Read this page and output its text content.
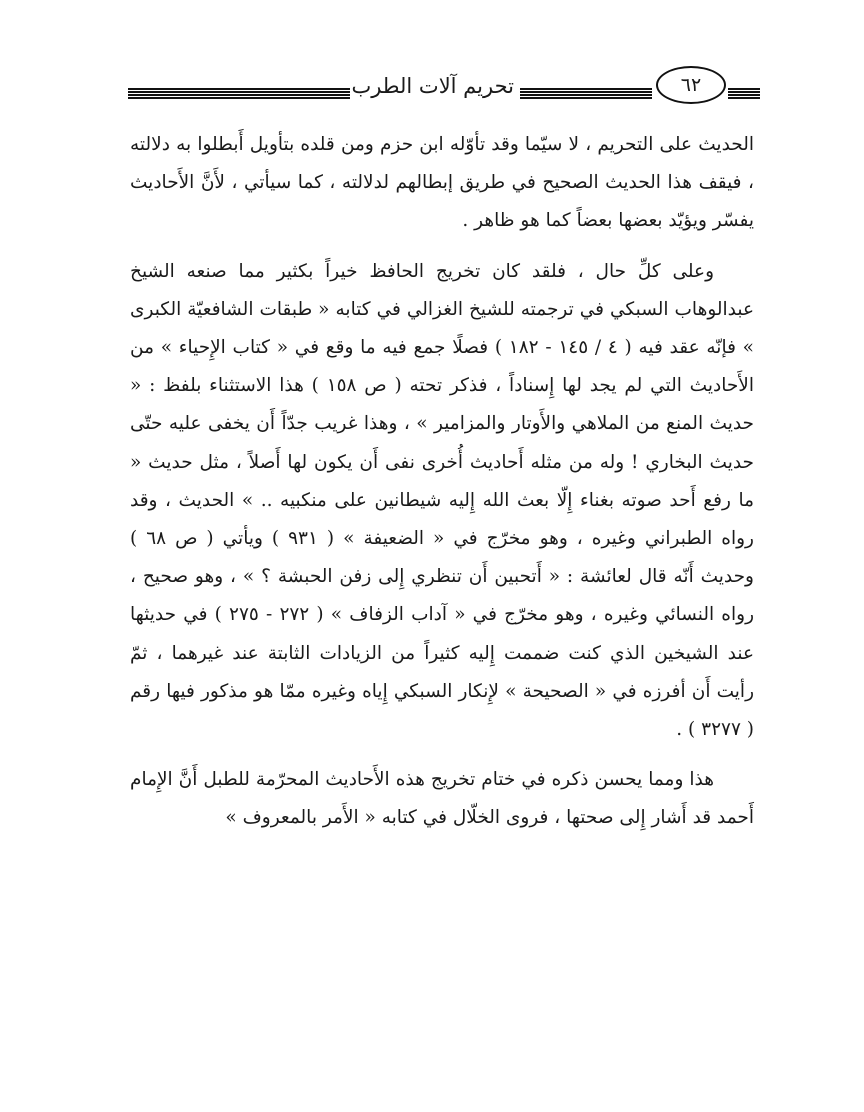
تحريم آلات الطرب	٦٢

الحديث على التحريم ، لا سيّما وقد تأوّله ابن حزم ومن قلده بتأويل أَبطلوا به دلالته ، فيقف هذا الحديث الصحيح في طريق إبطالهم لدلالته ، كما سيأتي ، لأَنَّ الأَحاديث يفسّر ويؤيّد بعضها بعضاً كما هو ظاهر .

وعلى كلِّ حال ، فلقد كان تخريج الحافظ خيراً بكثير مما صنعه الشيخ عبدالوهاب السبكي في ترجمته للشيخ الغزالي في كتابه « طبقات الشافعيّة الكبرى » فإنّه عقد فيه ( ٤ / ١٤٥ - ١٨٢ ) فصلًا جمع فيه ما وقع في « كتاب الإِحياء » من الأَحاديث التي لم يجد لها إِسناداً ، فذكر تحته ( ص ١٥٨ ) هذا الاستثناء بلفظ : « حديث المنع من الملاهي والأَوتار والمزامير » ، وهذا غريب جدّاً أَن يخفى عليه حتّى حديث البخاري ! وله من مثله أَحاديث أُخرى نفى أَن يكون لها أَصلاً ، مثل حديث « ما رفع أَحد صوته بغناء إِلّا بعث الله إِليه شيطانين على منكبيه .. » الحديث ، وقد رواه الطبراني وغيره ، وهو مخرّج في « الضعيفة » ( ٩٣١ ) ويأتي ( ص ٦٨ ) وحديث أَنّه قال لعائشة : « أَتحبين أَن تنظري إِلى زفن الحبشة ؟ » ، وهو صحيح ، رواه النسائي وغيره ، وهو مخرّج في « آداب الزفاف » ( ٢٧٢ - ٢٧٥ ) في حديثها عند الشيخين الذي كنت ضممت إِليه كثيراً من الزيادات الثابتة عند غيرهما ، ثمّ رأيت أَن أفرزه في « الصحيحة » لإِنكار السبكي إِياه وغيره ممّا هو مذكور فيها رقم ( ٣٢٧٧ ) .

هذا ومما يحسن ذكره في ختام تخريج هذه الأَحاديث المحرّمة للطبل أَنَّ الإِمام أَحمد قد أَشار إِلى صحتها ، فروى الخلّال في كتابه « الأَمر بالمعروف »
